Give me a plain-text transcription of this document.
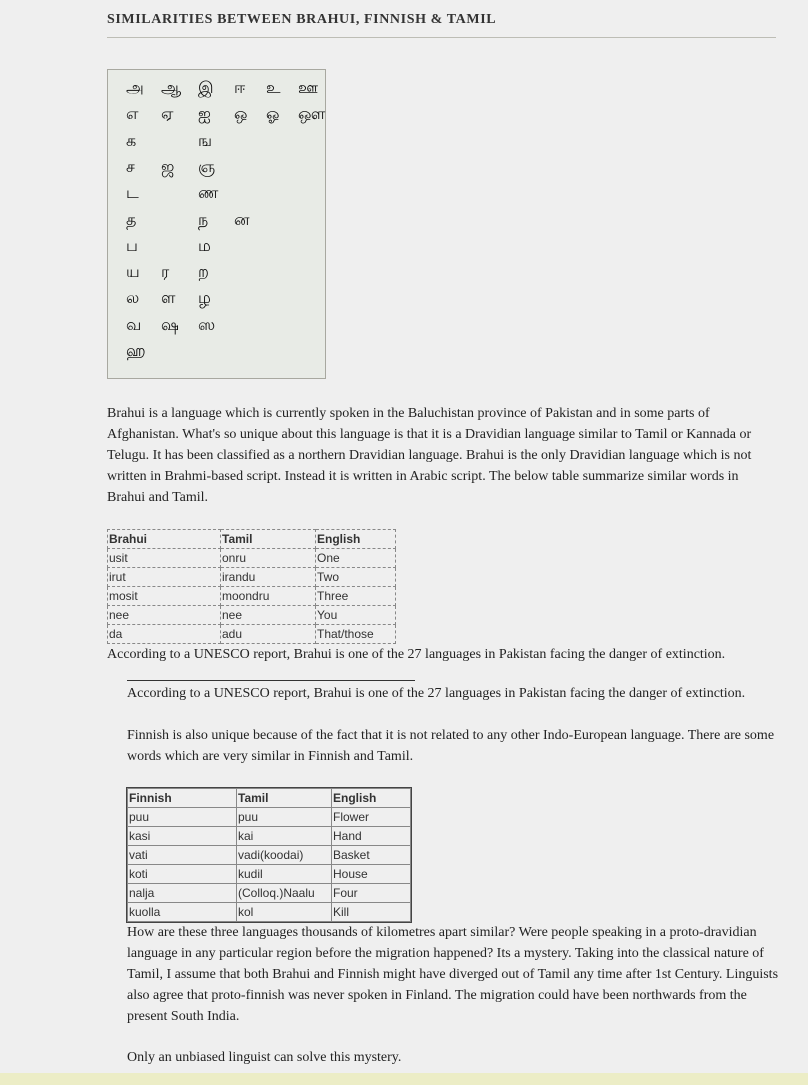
SIMILARITIES BETWEEN BRAHUI, FINNISH & TAMIL
அ ஆ இ ஈ உ ஊ
எ ஏ ஐ ஒ ஓ ஔ
க	ங
ச ஜ ஞ
ட	ண
த	ந ன
ப	ம
ய ர ற
ல ள ழ
வ ஷ ஸ
ஹ
Brahui is a language which is currently spoken in the Baluchistan province of Pakistan and in some parts of Afghanistan. What's so unique about this language is that it is a Dravidian language similar to Tamil or Kannada or Telugu. It has been classified as a northern Dravidian language. Brahui is the only Dravidian language which is not written in Brahmi-based script. Instead it is written in Arabic script. The below table summarize similar words in Brahui and Tamil.
Brahui	Tamil	English
usit	onru	One
irut	irandu	Two
mosit	moondru	Three
nee	nee	You
da	adu	That/those
According to a UNESCO report, Brahui is one of the 27 languages in Pakistan facing the danger of extinction.
According to a UNESCO report, Brahui is one of the 27 languages in Pakistan facing the danger of extinction.
Finnish is also unique because of the fact that it is not related to any other Indo-European language. There are some words which are very similar in Finnish and Tamil.
Finnish	Tamil	English
puu	puu	Flower
kasi	kai	Hand
vati	vadi(koodai)	Basket
koti	kudil	House
nalja	(Colloq.)Naalu	Four
kuolla	kol	Kill
How are these three languages thousands of kilometres apart similar? Were people speaking in a proto-dravidian language in any particular region before the migration happened? Its a mystery. Taking into the classical nature of Tamil, I assume that both Brahui and Finnish might have diverged out of Tamil any time after 1st Century. Linguists also agree that proto-finnish was never spoken in Finland. The migration could have been northwards from the present South India.
Only an unbiased linguist can solve this mystery.
